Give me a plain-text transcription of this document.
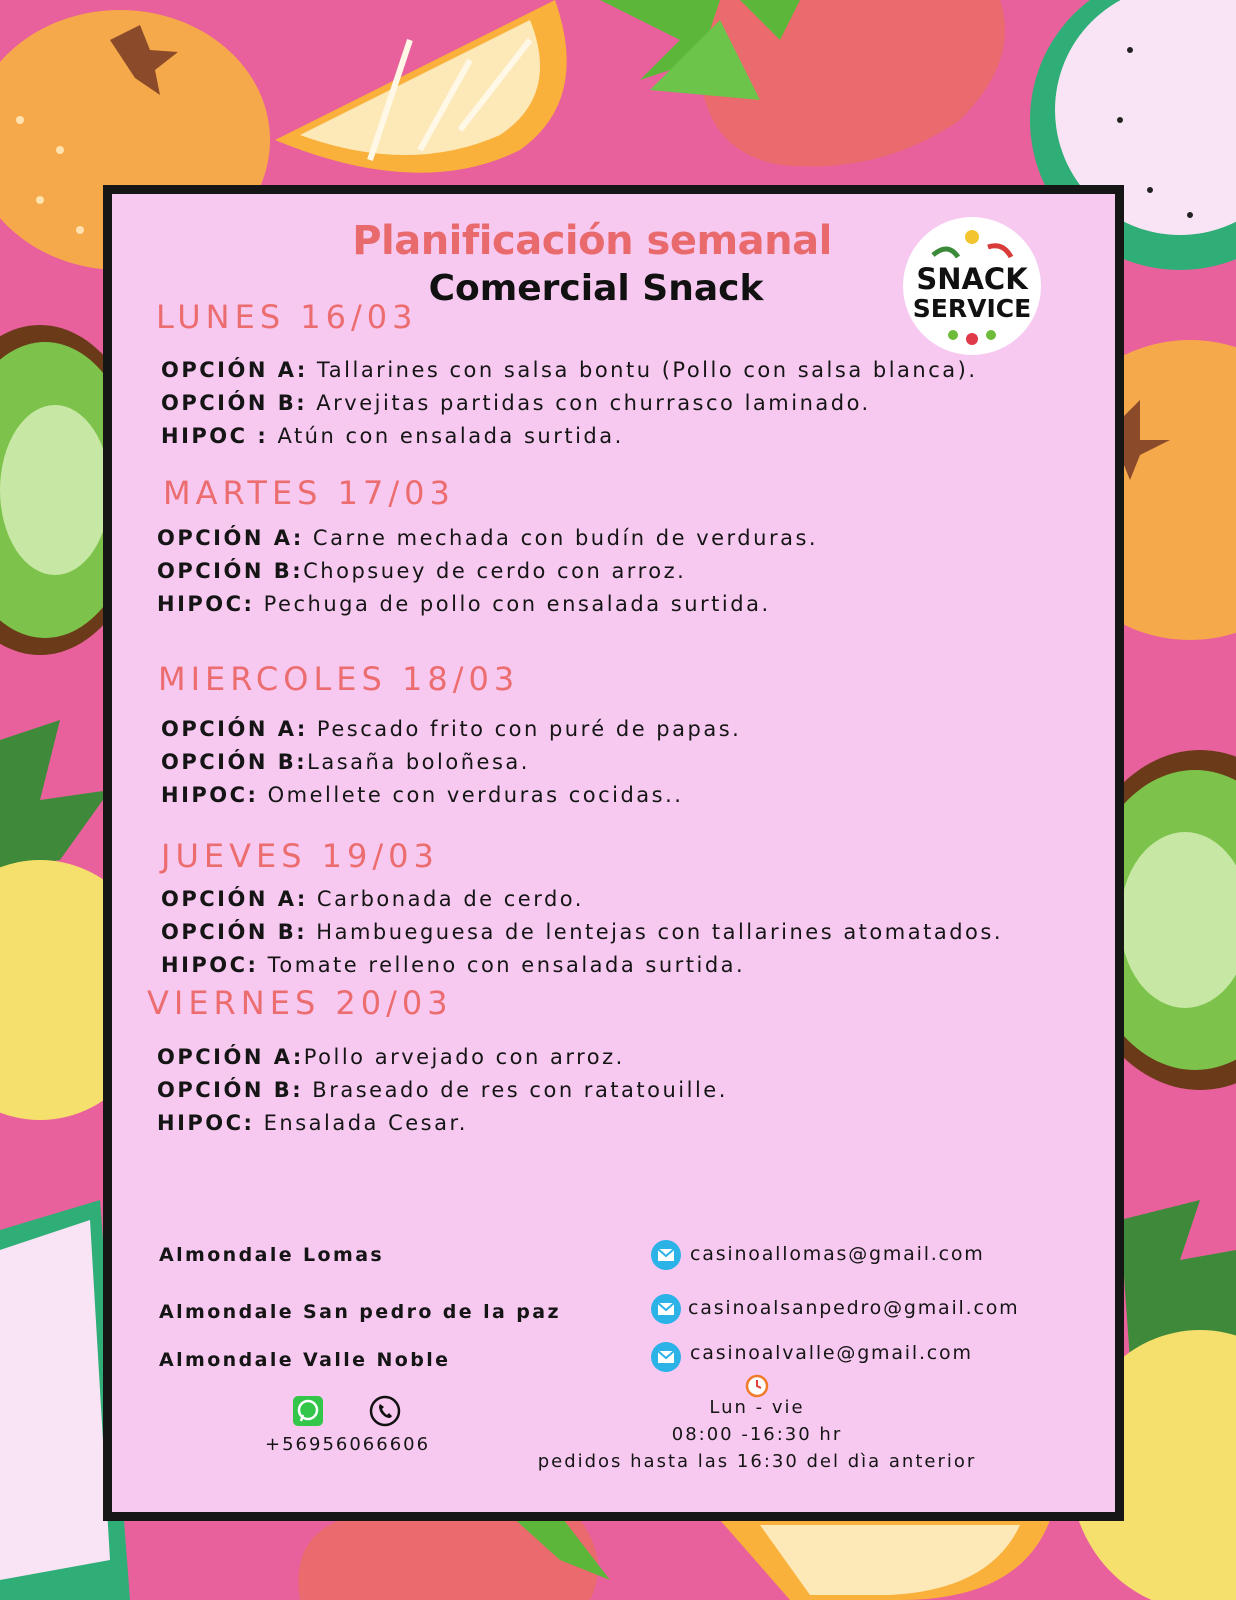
Planificación semanal
Comercial Snack	SNACK
SERVICE
LUNES 16/03
OPCIÓN A: Tallarines con salsa bontu (Pollo con salsa blanca).
OPCIÓN B: Arvejitas partidas con churrasco laminado.
HIPOC : Atún con ensalada surtida.
MARTES 17/03
OPCIÓN A: Carne mechada con budín de verduras.
OPCIÓN B:Chopsuey de cerdo con arroz.
HIPOC: Pechuga de pollo con ensalada surtida.
MIERCOLES 18/03
OPCIÓN A: Pescado frito con puré de papas.
OPCIÓN B:Lasaña boloñesa.
HIPOC: Omellete con verduras cocidas..
JUEVES 19/03
OPCIÓN A: Carbonada de cerdo.
OPCIÓN B: Hambueguesa de lentejas con tallarines atomatados.
HIPOC: Tomate relleno con ensalada surtida.
VIERNES 20/03
OPCIÓN A:Pollo arvejado con arroz.
OPCIÓN B: Braseado de res con ratatouille.
HIPOC: Ensalada Cesar.
Almondale Lomas
Almondale San pedro de la paz
Almondale Valle Noble
casinoallomas@gmail.com
casinoalsanpedro@gmail.com
casinoalvalle@gmail.com
+56956066606
Lun - vie
08:00 -16:30 hr
pedidos hasta las 16:30 del dìa anterior
